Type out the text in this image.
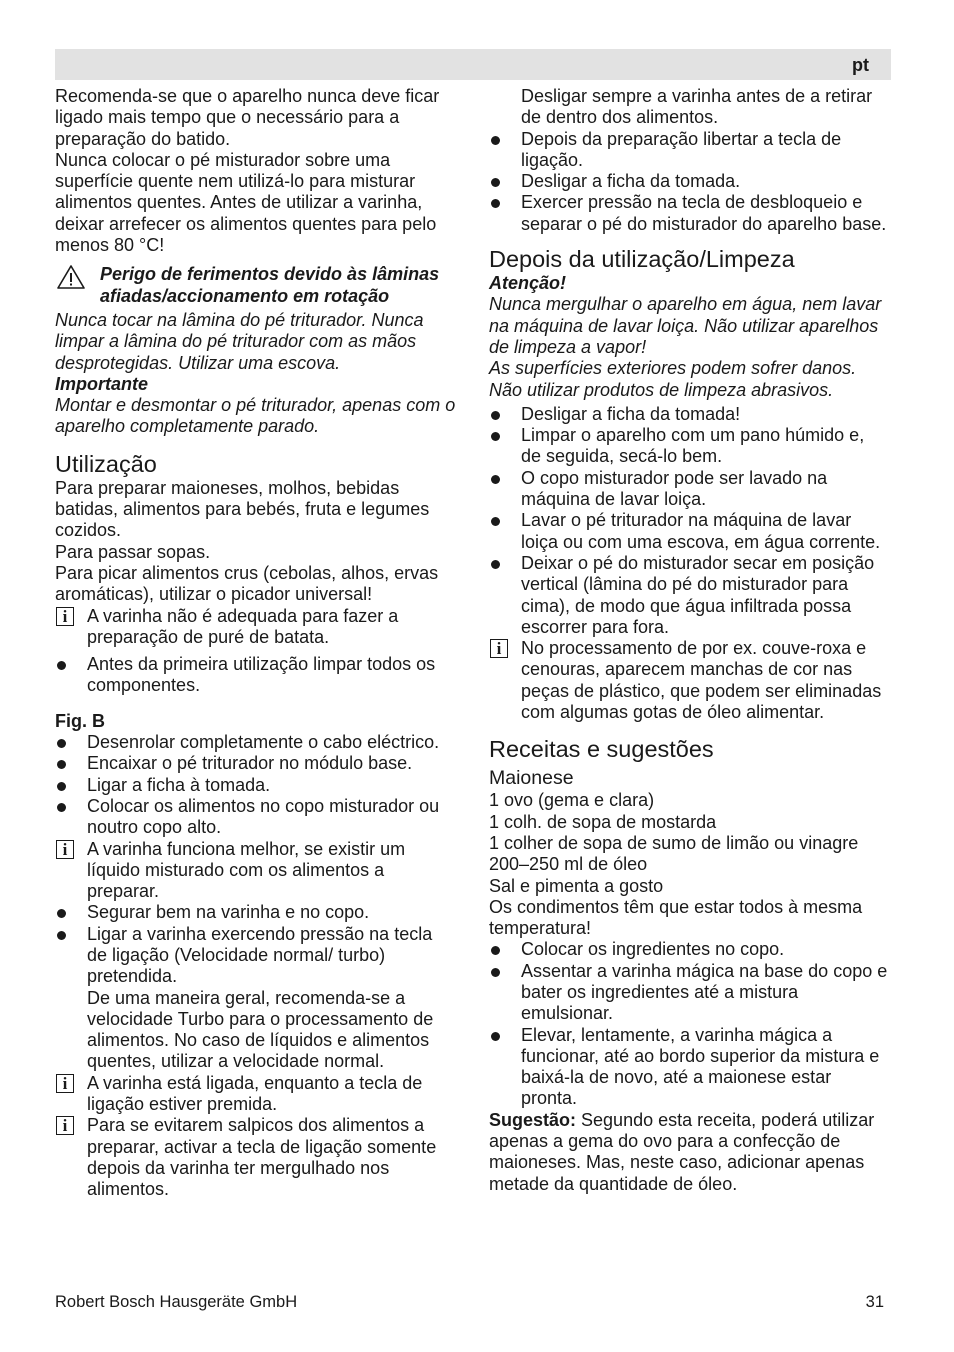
pt

Recomenda-se que o aparelho nunca deve ficar ligado mais tempo que o necessário para a preparação do batido.

Nunca colocar o pé misturador sobre uma superfície quente nem utilizá-lo para misturar alimentos quentes. Antes de utilizar a varinha, deixar arrefecer os alimentos quentes para pelo menos 80 °C!

Perigo de ferimentos devido às lâminas afiadas/accionamento em rotação

Nunca tocar na lâmina do pé triturador. Nunca limpar a lâmina do pé triturador com as mãos desprotegidas. Utilizar uma escova.

Importante

Montar e desmontar o pé triturador, apenas com o aparelho completamente parado.

Utilização

Para preparar maioneses, molhos, bebidas batidas, alimentos para bebés, fruta e legumes cozidos.

Para passar sopas.

Para picar alimentos crus (cebolas, alhos, ervas aromáticas), utilizar o picador universal!

i	A varinha não é adequada para fazer a preparação de puré de batata.

Antes da primeira utilização limpar todos os componentes.

Fig. B

Desenrolar completamente o cabo eléctrico.

Encaixar o pé triturador no módulo base.

Ligar a ficha à tomada.

Colocar os alimentos no copo misturador ou noutro copo alto.

i	A varinha funciona melhor, se existir um líquido misturado com os alimentos a preparar.

Segurar bem na varinha e no copo.

Ligar a varinha exercendo pressão na tecla de ligação (Velocidade normal/ turbo) pretendida.

De uma maneira geral, recomenda-se a velocidade Turbo para o processamento de alimentos. No caso de líquidos e alimentos quentes, utilizar a velocidade normal.

i	A varinha está ligada, enquanto a tecla de ligação estiver premida.

i	Para se evitarem salpicos dos alimentos a preparar, activar a tecla de ligação somente depois da varinha ter mergulhado nos alimentos.

Desligar sempre a varinha antes de a retirar de dentro dos alimentos.

Depois da preparação libertar a tecla de ligação.

Desligar a ficha da tomada.

Exercer pressão na tecla de desbloqueio e separar o pé do misturador do aparelho base.

Depois da utilização/Limpeza

Atenção!

Nunca mergulhar o aparelho em água, nem lavar na máquina de lavar loiça. Não utilizar aparelhos de limpeza a vapor!

As superfícies exteriores podem sofrer danos. Não utilizar produtos de limpeza abrasivos.

Desligar a ficha da tomada!

Limpar o aparelho com um pano húmido e, de seguida, secá-lo bem.

O copo misturador pode ser lavado na máquina de lavar loiça.

Lavar o pé triturador na máquina de lavar loiça ou com uma escova, em água corrente.

Deixar o pé do misturador secar em posição vertical (lâmina do pé do misturador para cima), de modo que água infiltrada possa escorrer para fora.

i	No processamento de por ex. couve-roxa e cenouras, aparecem manchas de cor nas peças de plástico, que podem ser eliminadas com algumas gotas de óleo alimentar.

Receitas e sugestões

Maionese

1 ovo (gema e clara)

1 colh. de sopa de mostarda

1 colher de sopa de sumo de limão ou vinagre

200–250 ml de óleo

Sal e pimenta a gosto

Os condimentos têm que estar todos à mesma temperatura!

Colocar os ingredientes no copo.

Assentar a varinha mágica na base do copo e bater os ingredientes até a mistura emulsionar.

Elevar, lentamente, a varinha mágica a funcionar, até ao bordo superior da mistura e baixá-la de novo, até a maionese estar pronta.

Sugestão: Segundo esta receita, poderá utilizar apenas a gema do ovo para a confecção de maioneses. Mas, neste caso, adicionar apenas metade da quantidade de óleo.

Robert Bosch Hausgeräte GmbH	31
